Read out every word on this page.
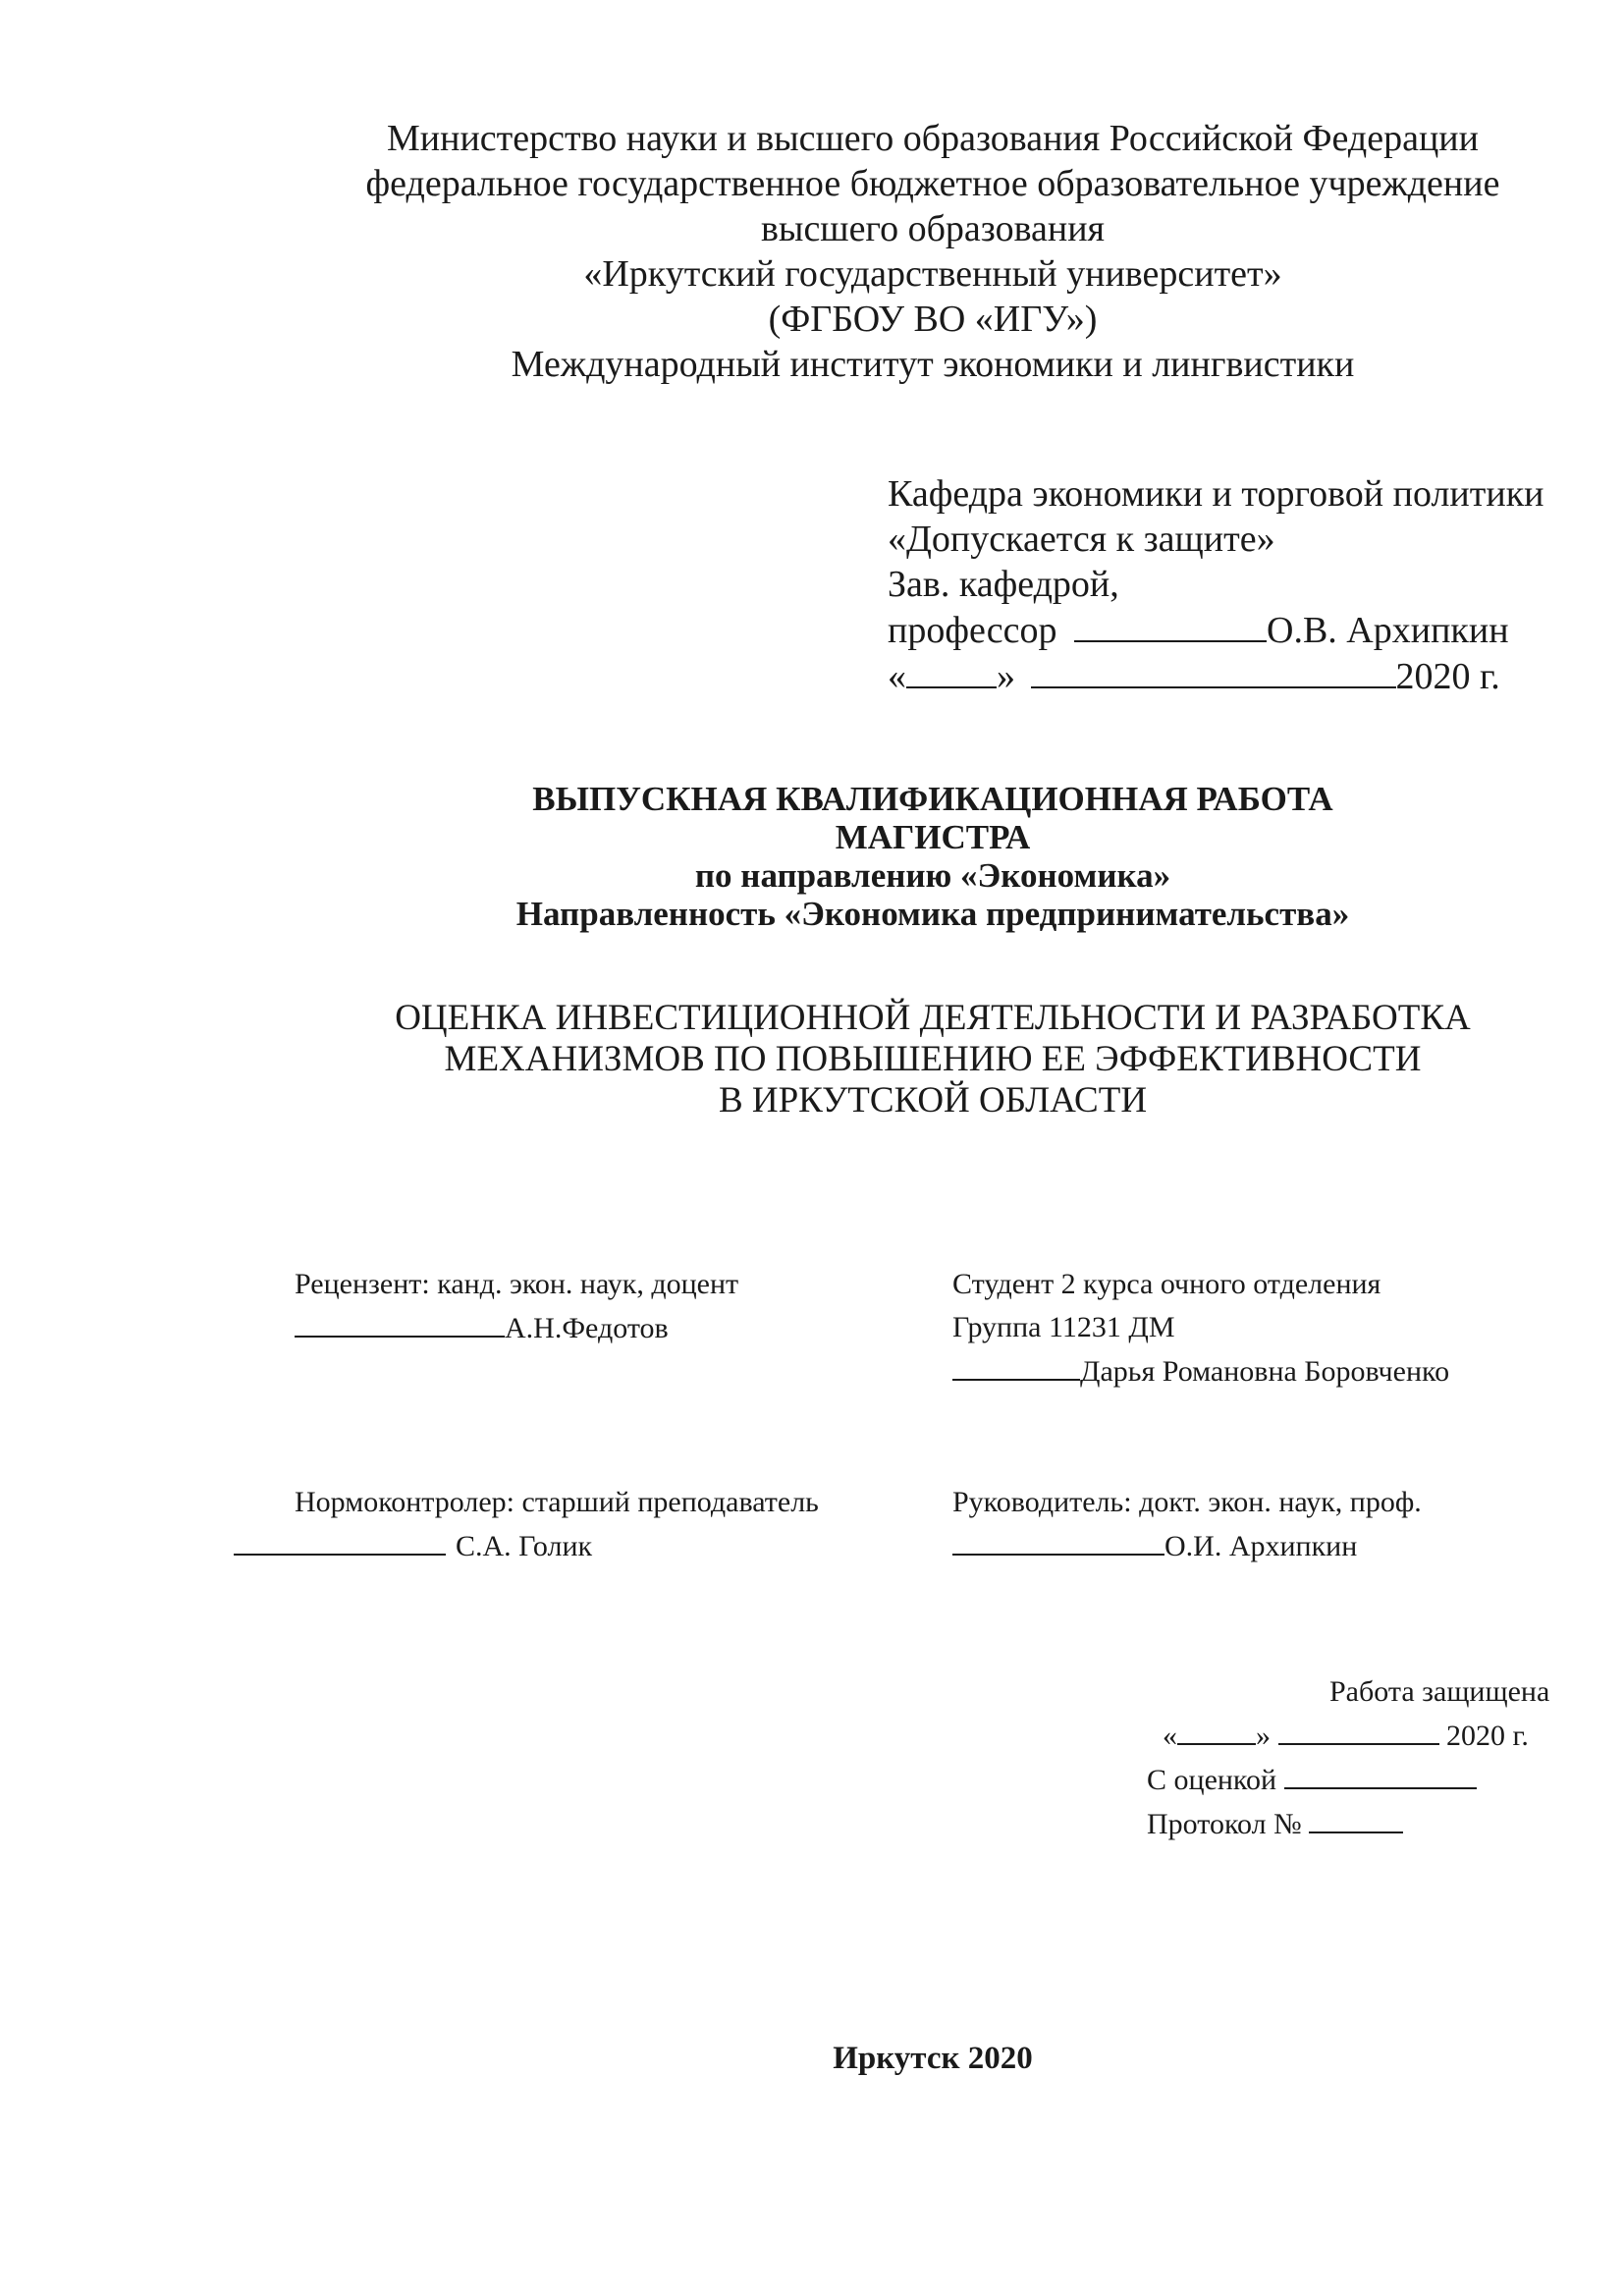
Министерство науки и высшего образования Российской Федерации
федеральное государственное бюджетное образовательное учреждение
высшего образования
«Иркутский государственный университет»
(ФГБОУ ВО «ИГУ»)
Международный институт экономики и лингвистики
Кафедра экономики и торговой политики
«Допускается к защите»
Зав. кафедрой,
профессор	О.В. Архипкин
« »	2020 г.
ВЫПУСКНАЯ КВАЛИФИКАЦИОННАЯ РАБОТА
МАГИСТРА
по направлению «Экономика»
Направленность «Экономика предпринимательства»
ОЦЕНКА ИНВЕСТИЦИОННОЙ ДЕЯТЕЛЬНОСТИ И РАЗРАБОТКА
МЕХАНИЗМОВ ПО ПОВЫШЕНИЮ ЕЕ ЭФФЕКТИВНОСТИ
В ИРКУТСКОЙ ОБЛАСТИ
Рецензент: канд. экон. наук, доцент
А.Н.Федотов
Студент 2 курса очного отделения
Группа 11231 ДМ
Дарья Романовна Боровченко
Нормоконтролер: старший преподаватель
С.А. Голик
Руководитель: докт. экон. наук, проф.
О.И. Архипкин
Работа защищена
«	»	2020 г.
С оценкой
Протокол №
Иркутск 2020
